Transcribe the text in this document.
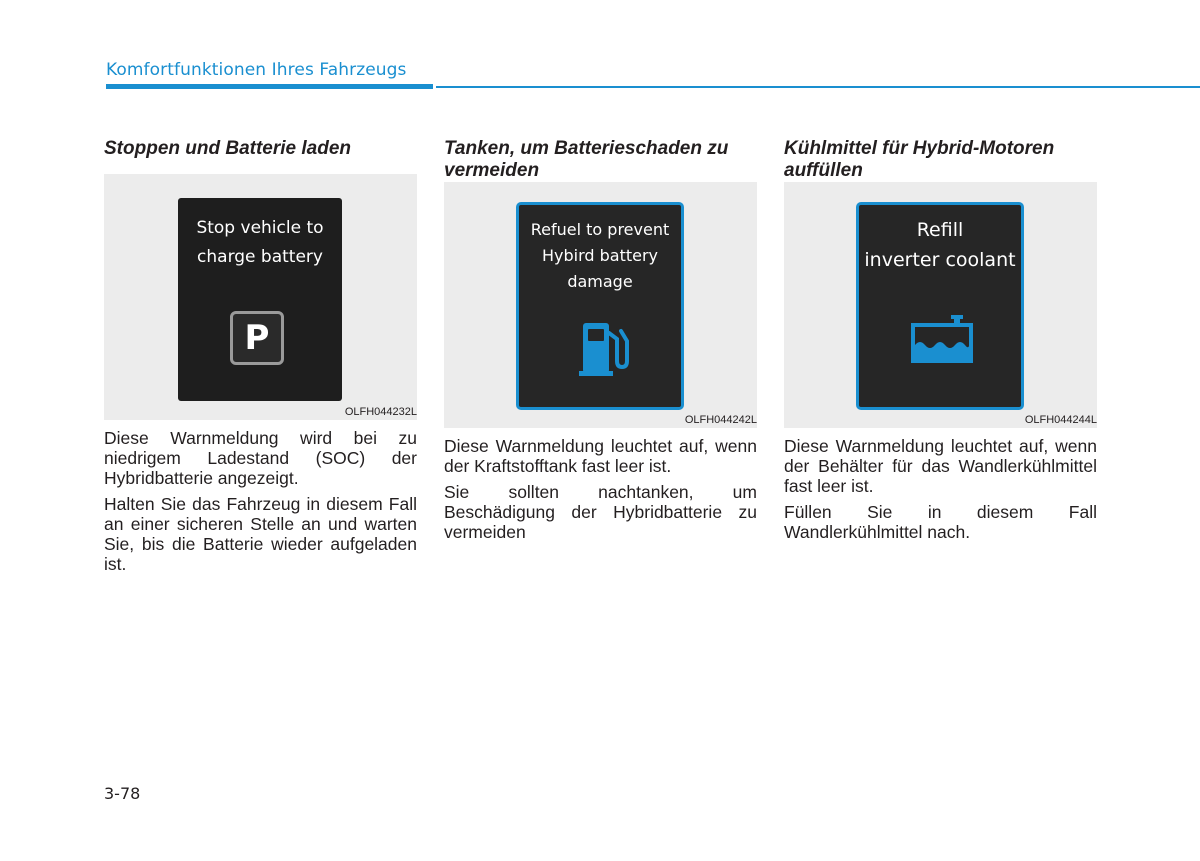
Komfortfunktionen Ihres Fahrzeugs
Stoppen und Batterie laden
Stop vehicle to
charge battery
P
OLFH044232L

Diese Warnmeldung wird bei zu niedrigem Ladestand (SOC) der Hybridbatterie angezeigt.

Halten Sie das Fahrzeug in diesem Fall an einer sicheren Stelle an und warten Sie, bis die Batterie wieder aufgeladen ist.

Tanken, um Batterieschaden zu vermeiden
Refuel to prevent
Hybird battery
damage
OLFH044242L

Diese Warnmeldung leuchtet auf, wenn der Kraftstofftank fast leer ist.

Sie sollten nachtanken, um Beschädigung der Hybridbatterie zu vermeiden

Kühlmittel für Hybrid-Motoren auffüllen
Refill
inverter coolant
OLFH044244L

Diese Warnmeldung leuchtet auf, wenn der Behälter für das Wandlerkühlmittel fast leer ist.

Füllen Sie in diesem Fall Wandlerkühlmittel nach.

3-78
